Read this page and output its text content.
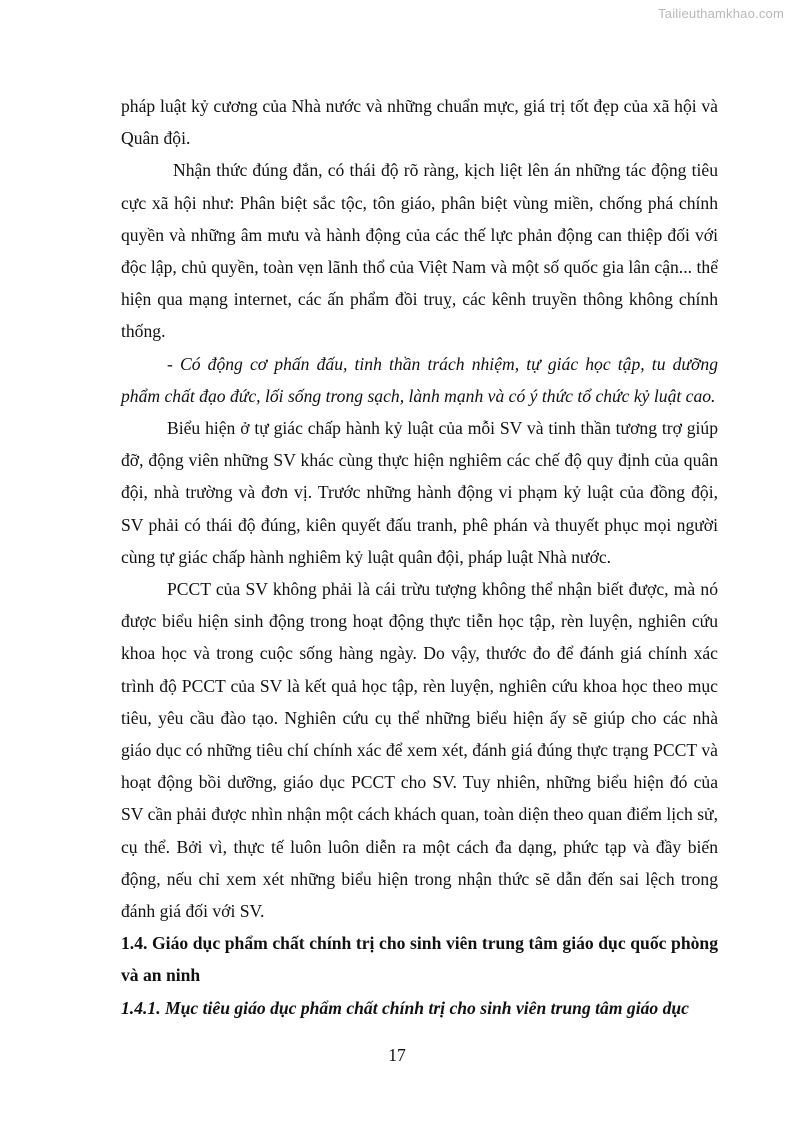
Tailieuthamkhao.com

pháp luật kỷ cương của Nhà nước và những chuẩn mực, giá trị tốt đẹp của xã hội và Quân đội.

Nhận thức đúng đắn, có thái độ rõ ràng, kịch liệt lên án những tác động tiêu cực xã hội như: Phân biệt sắc tộc, tôn giáo, phân biệt vùng miền, chống phá chính quyền và những âm mưu và hành động của các thế lực phản động can thiệp đối với độc lập, chủ quyền, toàn vẹn lãnh thổ của Việt Nam và một số quốc gia lân cận... thể hiện qua mạng internet, các ấn phẩm đồi truỵ, các kênh truyền thông không chính thống.

- Có động cơ phấn đấu, tinh thần trách nhiệm, tự giác học tập, tu dưỡng phẩm chất đạo đức, lối sống trong sạch, lành mạnh và có ý thức tổ chức kỷ luật cao.

Biểu hiện ở tự giác chấp hành kỷ luật của mỗi SV và tinh thần tương trợ giúp đỡ, động viên những SV khác cùng thực hiện nghiêm các chế độ quy định của quân đội, nhà trường và đơn vị. Trước những hành động vi phạm kỷ luật của đồng đội, SV phải có thái độ đúng, kiên quyết đấu tranh, phê phán và thuyết phục mọi người cùng tự giác chấp hành nghiêm kỷ luật quân đội, pháp luật Nhà nước.

PCCT của SV không phải là cái trừu tượng không thể nhận biết được, mà nó được biểu hiện sinh động trong hoạt động thực tiễn học tập, rèn luyện, nghiên cứu khoa học và trong cuộc sống hàng ngày. Do vậy, thước đo để đánh giá chính xác trình độ PCCT của SV là kết quả học tập, rèn luyện, nghiên cứu khoa học theo mục tiêu, yêu cầu đào tạo. Nghiên cứu cụ thể những biểu hiện ấy sẽ giúp cho các nhà giáo dục có những tiêu chí chính xác để xem xét, đánh giá đúng thực trạng PCCT và hoạt động bồi dưỡng, giáo dục PCCT cho SV. Tuy nhiên, những biểu hiện đó của SV cần phải được nhìn nhận một cách khách quan, toàn diện theo quan điểm lịch sử, cụ thể. Bởi vì, thực tế luôn luôn diễn ra một cách đa dạng, phức tạp và đầy biến động, nếu chỉ xem xét những biểu hiện trong nhận thức sẽ dẫn đến sai lệch trong đánh giá đối với SV.

1.4. Giáo dục phẩm chất chính trị cho sinh viên trung tâm giáo dục quốc phòng và an ninh
1.4.1. Mục tiêu giáo dục phẩm chất chính trị cho sinh viên trung tâm giáo dục
17
